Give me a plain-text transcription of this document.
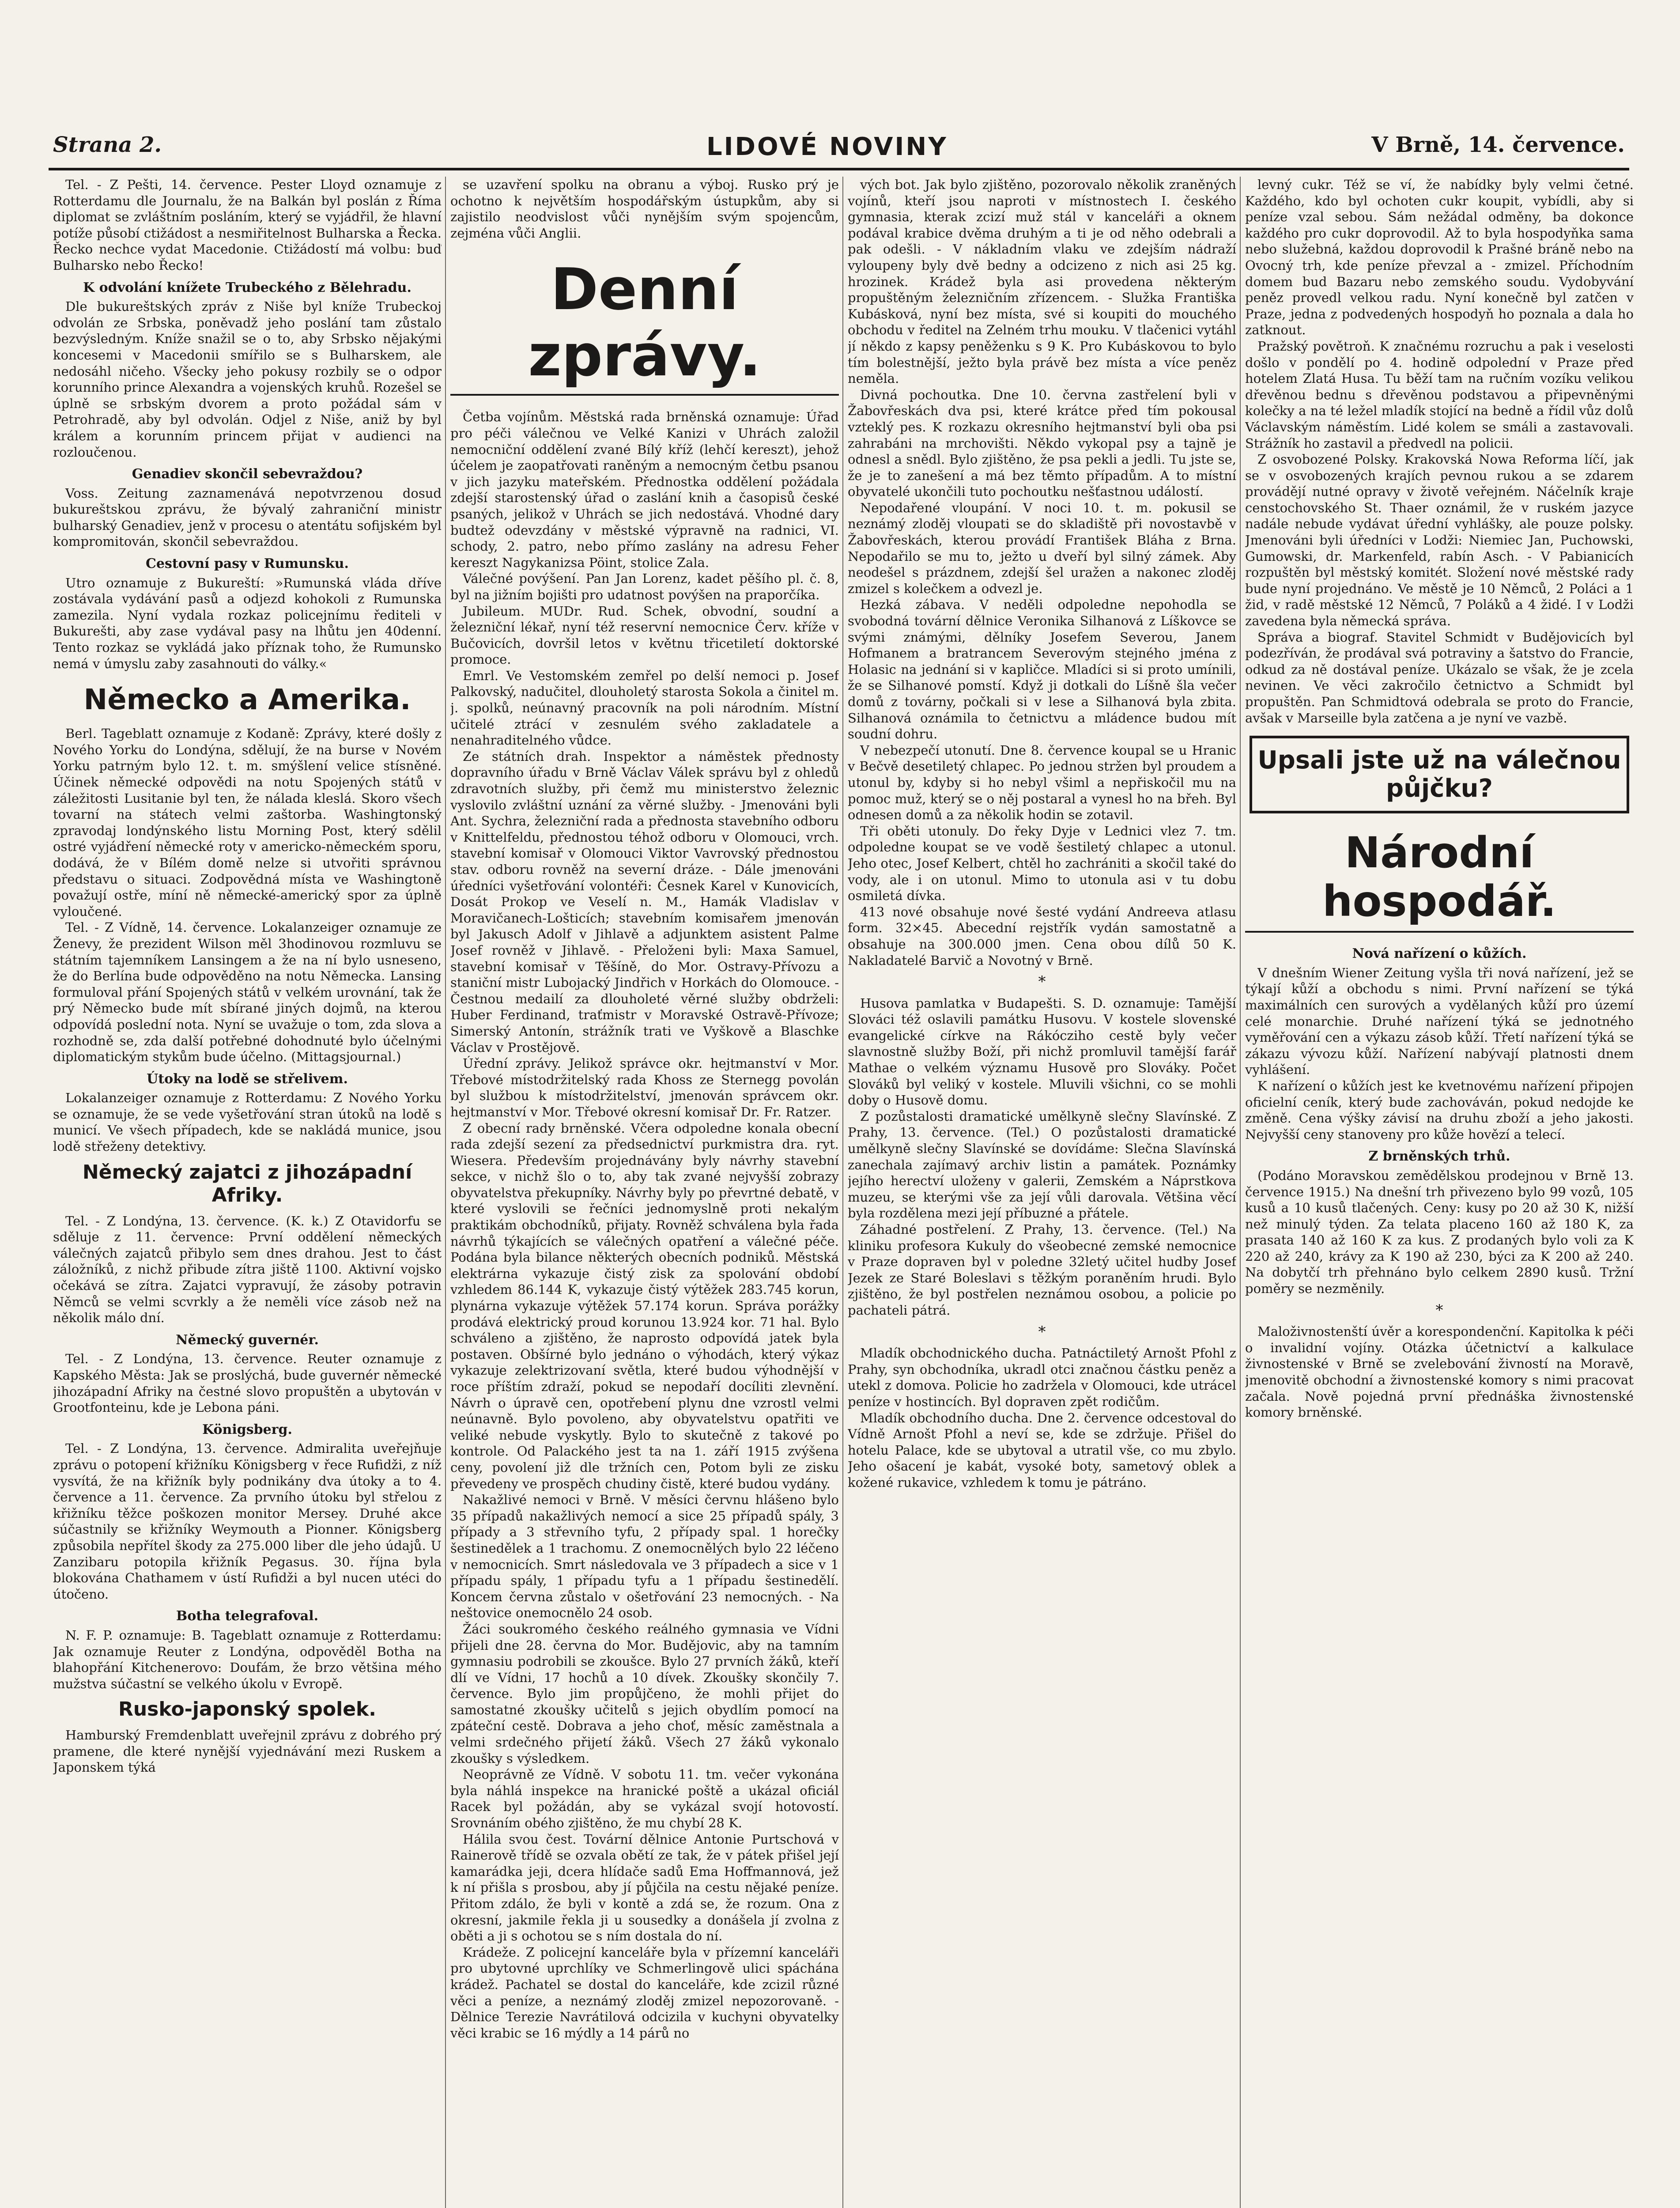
Strana 2.	LIDOVÉ NOVINY	V Brně, 14. července.

Tel. - Z Pešti, 14. července. Pester Lloyd oznamuje z Rotterdamu dle Journalu, že na Balkán byl poslán z Říma diplomat se zvláštním posláním, který se vyjádřil, že hlavní potíže působí ctižádost a nesmiřitelnost Bulharska a Řecka. Řecko nechce vydat Macedonie. Ctižádostí má volbu: buď Bulharsko nebo Řecko!

K odvolání knížete Trubeckého z Bělehradu.

Dle bukureštských zpráv z Niše byl kníže Trubeckoj odvolán ze Srbska, poněvadž jeho poslání tam zůstalo bezvýsledným. Kníže snažil se o to, aby Srbsko nějakými koncesemi v Macedonii smířilo se s Bulharskem, ale nedosáhl ničeho. Všecky jeho pokusy rozbily se o odpor korunního prince Alexandra a vojenských kruhů. Rozešel se úplně se srbským dvorem a proto požádal sám v Petrohradě, aby byl odvolán. Odjel z Niše, aniž by byl králem a korunním princem přijat v audienci na rozloučenou.

Genadiev skončil sebevraždou?

Voss. Zeitung zaznamenává nepotvrzenou dosud bukureštskou zprávu, že bývalý zahraniční ministr bulharský Genadiev, jenž v procesu o atentátu sofijském byl kompromitován, skončil sebevraždou.

Cestovní pasy v Rumunsku.

Utro oznamuje z Bukureští: »Rumunská vláda dříve zostávala vydávání pasů a odjezd kohokoli z Rumunska zamezila. Nyní vydala rozkaz policejnímu řediteli v Bukurešti, aby zase vydával pasy na lhůtu jen 40denní. Tento rozkaz se vykládá jako příznak toho, že Rumunsko nemá v úmyslu zaby zasahnouti do války.«

Německo a Amerika.

Berl. Tageblatt oznamuje z Kodaně: Zprávy, které došly z Nového Yorku do Londýna, sdělují, že na burse v Novém Yorku patrným bylo 12. t. m. smýšlení velice stísněné. Účinek německé odpovědi na notu Spojených států v záležitosti Lusitanie byl ten, že nálada kleslá. Skoro všech tovarní na státech velmi zaštorba. Washingtonský zpravodaj londýnského listu Morning Post, který sdělil ostré vyjádření německé roty v americko-německém sporu, dodává, že v Bílém domě nelze si utvořiti správnou představu o situaci. Zodpovědná místa ve Washingtoně považují ostře, míní ně německé-americký spor za úplně vyloučené.

Tel. - Z Vídně, 14. července. Lokalanzeiger oznamuje ze Ženevy, že prezident Wilson měl 3hodinovou rozmluvu se státním tajemníkem Lansingem a že na ní bylo usneseno, že do Berlína bude odpověděno na notu Německa. Lansing formuloval přání Spojených států v velkém urovnání, tak že prý Německo bude mít sbírané jiných dojmů, na kterou odpovídá poslední nota. Nyní se uvažuje o tom, zda slova a rozhodně se, zda další potřebné dohodnuté bylo účelnými diplomatickým stykům bude účelno. (Mittagsjournal.)

Útoky na lodě se střelivem.

Lokalanzeiger oznamuje z Rotterdamu: Z Nového Yorku se oznamuje, že se vede vyšetřování stran útoků na lodě s municí. Ve všech případech, kde se nakládá munice, jsou lodě střeženy detektivy.

Německý zajatci z jihozápadní Afriky.

Tel. - Z Londýna, 13. července. (K. k.) Z Otavidorfu se sděluje z 11. července: První oddělení německých válečných zajatců přibylo sem dnes drahou. Jest to část záložníků, z nichž přibude zítra jiště 1100. Aktivní vojsko očekává se zítra. Zajatci vypravují, že zásoby potravin Němců se velmi scvrkly a že neměli více zásob než na několik málo dní.

Německý guvernér.

Tel. - Z Londýna, 13. července. Reuter oznamuje z Kapského Města: Jak se proslýchá, bude guvernér německé jihozápadní Afriky na čestné slovo propuštěn a ubytován v Grootfonteinu, kde je Lebona páni.

Königsberg.

Tel. - Z Londýna, 13. července. Admiralita uveřejňuje zprávu o potopení křižníku Königsberg v řece Rufidži, z níž vysvítá, že na křižník byly podnikány dva útoky a to 4. července a 11. července. Za prvního útoku byl střelou z křižníku těžce poškozen monitor Mersey. Druhé akce súčastnily se křižníky Weymouth a Pionner. Königsberg způsobila nepřítel škody za 275.000 liber dle jeho údajů. U Zanzibaru potopila křižník Pegasus. 30. října byla blokována Chathamem v ústí Rufidži a byl nucen utéci do útočeno.

Botha telegrafoval.

N. F. P. oznamuje: B. Tageblatt oznamuje z Rotterdamu: Jak oznamuje Reuter z Londýna, odpověděl Botha na blahopřání Kitchenerovo: Doufám, že brzo většina mého mužstva súčastní se velkého úkolu v Evropě.

Rusko-japonský spolek.

Hamburský Fremdenblatt uveřejnil zprávu z dobrého prý pramene, dle které nynější vyjednávání mezi Ruskem a Japonskem týká

se uzavření spolku na obranu a výboj. Rusko prý je ochotno k největším hospodářským ústupkům, aby si zajistilo neodvislost vůči nynějším svým spojencům, zejména vůči Anglii.

Denní zprávy.

Četba vojínům. Městská rada brněnská oznamuje: Úřad pro péči válečnou ve Velké Kanizi v Uhrách založil nemocniční oddělení zvané Bílý kříž (lehčí kereszt), jehož účelem je zaopatřovati raněným a nemocným četbu psanou v jich jazyku mateřském. Přednostka oddělení požádala zdejší starostenský úřad o zaslání knih a časopisů české psaných, jelikož v Uhrách se jich nedostává. Vhodné dary budtež odevzdány v městské výpravně na radnici, VI. schody, 2. patro, nebo přímo zaslány na adresu Feher kereszt Nagykanizsa Pöint, stolice Zala.

Válečné povýšení. Pan Jan Lorenz, kadet pěšího pl. č. 8, byl na jižním bojišti pro udatnost povýšen na praporčíka.

Jubileum. MUDr. Rud. Schek, obvodní, soudní a železniční lékař, nyní též reservní nemocnice Červ. kříže v Bučovicích, dovršil letos v květnu třicetiletí doktorské promoce.

Emrl. Ve Vestomském zemřel po delší nemoci p. Josef Palkovský, nadučitel, dlouholetý starosta Sokola a činitel m. j. spolků, neúnavný pracovník na poli národním. Místní učitelé ztrácí v zesnulém svého zakladatele a nenahraditelného vůdce.

Ze státních drah. Inspektor a náměstek přednosty dopravního úřadu v Brně Václav Válek správu byl z ohledů zdravotních služby, při čemž mu ministerstvo železnic vyslovilo zvláštní uznání za věrné služby. - Jmenováni byli Ant. Sychra, železniční rada a přednosta stavebního odboru v Knittelfeldu, přednostou téhož odboru v Olomouci, vrch. stavební komisař v Olomouci Viktor Vavrovský přednostou stav. odboru rovněž na severní dráze. - Dále jmenováni úředníci vyšetřování volontéři: Česnek Karel v Kunovicích, Dosát Prokop ve Veselí n. M., Hamák Vladislav v Moravičanech-Lošticích; stavebním komisařem jmenován byl Jakusch Adolf v Jihlavě a adjunktem asistent Palme Josef rovněž v Jihlavě. - Přeloženi byli: Maxa Samuel, stavební komisař v Těšíně, do Mor. Ostravy-Přívozu a staniční mistr Lubojacký Jindřich v Horkách do Olomouce. - Čestnou medailí za dlouholeté věrné služby obdrželi: Huber Ferdinand, traťmistr v Moravské Ostravě-Přívoze; Simerský Antonín, strážník trati ve Vyškově a Blaschke Václav v Prostějově.

Úřední zprávy. Jelikož správce okr. hejtmanství v Mor. Třebové místodržitelský rada Khoss ze Sternegg povolán byl službou k místodržitelství, jmenován správcem okr. hejtmanství v Mor. Třebové okresní komisař Dr. Fr. Ratzer.

Z obecní rady brněnské. Včera odpoledne konala obecní rada zdejší sezení za předsednictví purkmistra dra. ryt. Wiesera. Především projednávány byly návrhy stavební sekce, v nichž šlo o to, aby tak zvané nejvyšší zobrazy obyvatelstva překupníky. Návrhy byly po převrtné debatě, v které vyslovili se řečníci jednomyslně proti nekalým praktikám obchodníků, přijaty. Rovněž schválena byla řada návrhů týkajících se válečných opatření a válečné péče. Podána byla bilance některých obecních podniků. Městská elektrárna vykazuje čistý zisk za spolování období vzhledem 86.144 K, vykazuje čistý výtěžek 283.745 korun, plynárna vykazuje výtěžek 57.174 korun. Správa porážky prodává elektrický proud korunou 13.924 kor. 71 hal. Bylo schváleno a zjištěno, že naprosto odpovídá jatek byla postaven. Obšírné bylo jednáno o výhodách, který výkaz vykazuje zelektrizovaní světla, které budou výhodnější v roce příštím zdraží, pokud se nepodaří docíliti zlevnění. Návrh o úpravě cen, opotřebení plynu dne vzrostl velmi neúnavně. Bylo povoleno, aby obyvatelstvu opatřiti ve veliké nebude vyskytly. Bylo to skutečně z takové po kontrole. Od Palackého jest ta na 1. září 1915 zvýšena ceny, povolení již dle tržních cen, Potom byli ze zisku převedeny ve prospěch chudiny čistě, které budou vydány.

Nakažlivé nemoci v Brně. V měsíci červnu hlášeno bylo 35 případů nakažlivých nemocí a sice 25 případů spály, 3 případy a 3 střevního tyfu, 2 případy spal. 1 horečky šestinedělek a 1 trachomu. Z onemocnělých bylo 22 léčeno v nemocnicích. Smrt následovala ve 3 případech a sice v 1 případu spály, 1 případu tyfu a 1 případu šestinedělí. Koncem června zůstalo v ošetřování 23 nemocných. - Na neštovice onemocnělo 24 osob.

Žáci soukromého českého reálného gymnasia ve Vídni přijeli dne 28. června do Mor. Budějovic, aby na tamním gymnasiu podrobili se zkoušce. Bylo 27 prvních žáků, kteří dlí ve Vídni, 17 hochů a 10 dívek. Zkoušky skončily 7. července. Bylo jim propůjčeno, že mohli přijet do samostatné zkoušky učitelů s jejich obydlím pomocí na zpáteční cestě. Dobrava a jeho choť, měsíc zaměstnala a velmi srdečného přijetí žáků. Všech 27 žáků vykonalo zkoušky s výsledkem.

Neoprávně ze Vídně. V sobotu 11. tm. večer vykonána byla náhlá inspekce na hranické poště a ukázal oficiál Racek byl požádán, aby se vykázal svojí hotovostí. Srovnáním obého zjištěno, že mu chybí 28 K.

Hálila svou čest. Tovární dělnice Antonie Purtschová v Rainerově třídě se ozvala obětí ze tak, že v pátek přišel její kamarádka jeji, dcera hlídače sadů Ema Hoffmannová, jež k ní přišla s prosbou, aby jí půjčila na cestu nějaké peníze. Přitom zdálo, že byli v kontě a zdá se, že rozum. Ona z okresní, jakmile řekla ji u sousedky a donášela jí zvolna z oběti a ji s ochotou se s ním dostala do ní.

Krádeže. Z policejní kanceláře byla v přízemní kanceláři pro ubytovné uprchlíky ve Schmerlingově ulici spáchána krádež. Pachatel se dostal do kanceláře, kde zcizil různé věci a peníze, a neznámý zloděj zmizel nepozorovaně. - Dělnice Terezie Navrátilová odcizila v kuchyni obyvatelky věci krabic se 16 mýdly a 14 párů no

vých bot. Jak bylo zjištěno, pozorovalo několik zraněných vojínů, kteří jsou naproti v místnostech I. českého gymnasia, kterak zcizí muž stál v kanceláři a oknem podával krabice dvěma druhým a ti je od něho odebrali a pak odešli. - V nákladním vlaku ve zdejším nádraží vyloupeny byly dvě bedny a odcizeno z nich asi 25 kg. hrozinek. Krádež byla asi provedena některým propuštěným železničním zřízencem. - Služka Františka Kubásková, nyní bez místa, své si koupiti do mouchého obchodu v ředitel na Zelném trhu mouku. V tlačenici vytáhl jí někdo z kapsy peněženku s 9 K. Pro Kubáskovou to bylo tím bolestnější, ježto byla právě bez místa a více peněz neměla.

Divná pochoutka. Dne 10. června zastřelení byli v Žabovřeskách dva psi, které krátce před tím pokousal vzteklý pes. K rozkazu okresního hejtmanství byli oba psi zahrabáni na mrchovišti. Někdo vykopal psy a tajně je odnesl a snědl. Bylo zjištěno, že psa pekli a jedli. Tu jste se, že je to zanešení a má bez těmto případům. A to místní obyvatelé ukončili tuto pochoutku nešťastnou událostí.

Nepodařené vloupání. V noci 10. t. m. pokusil se neznámý zloděj vloupati se do skladiště při novostavbě v Žabovřeskách, kterou provádí František Bláha z Brna. Nepodařilo se mu to, ježto u dveří byl silný zámek. Aby neodešel s prázdnem, zdejší šel uražen a nakonec zloděj zmizel s kolečkem a odvezl je.

Hezká zábava. V neděli odpoledne nepohodla se svobodná tovární dělnice Veronika Silhanová z Líškovce se svými známými, dělníky Josefem Severou, Janem Hofmanem a bratrancem Severovým stejného jména z Holasic na jednání si v kapličce. Mladíci si si proto umínili, že se Silhanové pomstí. Když ji dotkali do Líšně šla večer domů z továrny, počkali si v lese a Silhanová byla zbita. Silhanová oznámila to četnictvu a mládence budou mít soudní dohru.

V nebezpečí utonutí. Dne 8. července koupal se u Hranic v Bečvě desetiletý chlapec. Po jednou stržen byl proudem a utonul by, kdyby si ho nebyl všiml a nepřiskočil mu na pomoc muž, který se o něj postaral a vynesl ho na břeh. Byl odnesen domů a za několik hodin se zotavil.

Tři oběti utonuly. Do řeky Dyje v Lednici vlez 7. tm. odpoledne koupat se ve vodě šestiletý chlapec a utonul. Jeho otec, Josef Kelbert, chtěl ho zachrániti a skočil také do vody, ale i on utonul. Mimo to utonula asi v tu dobu osmiletá dívka.

413 nové obsahuje nové šesté vydání Andreeva atlasu form. 32×45. Abecední rejstřík vydán samostatně a obsahuje na 300.000 jmen. Cena obou dílů 50 K. Nakladatelé Barvič a Novotný v Brně.

*

Husova pamlatka v Budapešti. S. D. oznamuje: Tamější Slováci též oslavili památku Husovu. V kostele slovenské evangelické církve na Rákócziho cestě byly večer slavnostně služby Boží, při nichž promluvil tamější farář Mathae o velkém významu Husově pro Slováky. Počet Slováků byl veliký v kostele. Mluvili všichni, co se mohli doby o Husově domu.

Z pozůstalosti dramatické umělkyně slečny Slavínské. Z Prahy, 13. července. (Tel.) O pozůstalosti dramatické umělkyně slečny Slavínské se dovídáme: Slečna Slavínská zanechala zajímavý archiv listin a památek. Poznámky jejího herectví uloženy v galerii, Zemském a Náprstkova muzeu, se kterými vše za její vůli darovala. Většina věcí byla rozdělena mezi její příbuzné a přátele.

Záhadné postřelení. Z Prahy, 13. července. (Tel.) Na kliniku profesora Kukuly do všeobecné zemské nemocnice v Praze dopraven byl v poledne 32letý učitel hudby Josef Jezek ze Staré Boleslavi s těžkým poraněním hrudi. Bylo zjištěno, že byl postřelen neznámou osobou, a policie po pachateli pátrá.

*

Mladík obchodnického ducha. Patnáctiletý Arnošt Pfohl z Prahy, syn obchodníka, ukradl otci značnou částku peněz a utekl z domova. Policie ho zadržela v Olomouci, kde utrácel peníze v hostincích. Byl dopraven zpět rodičům.

Mladík obchodního ducha. Dne 2. července odcestoval do Vídně Arnošt Pfohl a neví se, kde se zdržuje. Přišel do hotelu Palace, kde se ubytoval a utratil vše, co mu zbylo. Jeho ošacení je kabát, vysoké boty, sametový oblek a kožené rukavice, vzhledem k tomu je pátráno.

levný cukr. Též se ví, že nabídky byly velmi četné. Každého, kdo byl ochoten cukr koupit, vybídli, aby si peníze vzal sebou. Sám nežádal odměny, ba dokonce každého pro cukr doprovodil. Až to byla hospodyňka sama nebo služebná, každou doprovodil k Prašné bráně nebo na Ovocný trh, kde peníze převzal a - zmizel. Příchodním domem bud Bazaru nebo zemského soudu. Vydobyvání peněz provedl velkou radu. Nyní konečně byl zatčen v Praze, jedna z podvedených hospodyň ho poznala a dala ho zatknout.

Pražský povětroň. K značnému rozruchu a pak i veselosti došlo v pondělí po 4. hodině odpolední v Praze před hotelem Zlatá Husa. Tu běží tam na ručním vozíku velikou dřevěnou bednu s dřevěnou podstavou a připevněnými kolečky a na té ležel mladík stojící na bedně a řídil vůz dolů Václavským náměstím. Lidé kolem se smáli a zastavovali. Strážník ho zastavil a předvedl na policii.

Z osvobozené Polsky. Krakovská Nowa Reforma líčí, jak se v osvobozených krajích pevnou rukou a se zdarem provádějí nutné opravy v životě veřejném. Náčelník kraje censtochovského St. Thaer oznámil, že v ruském jazyce nadále nebude vydávat úřední vyhlášky, ale pouze polsky. Jmenováni byli úředníci v Lodži: Niemiec Jan, Puchowski, Gumowski, dr. Markenfeld, rabín Asch. - V Pabianicích rozpuštěn byl městský komitét. Složení nové městské rady bude nyní projednáno. Ve městě je 10 Němců, 2 Poláci a 1 žid, v radě městské 12 Němců, 7 Poláků a 4 židé. I v Lodži zavedena byla německá správa.

Správa a biograf. Stavitel Schmidt v Budějovicích byl podezříván, že prodával svá potraviny a šatstvo do Francie, odkud za ně dostával peníze. Ukázalo se však, že je zcela nevinen. Ve věci zakročilo četnictvo a Schmidt byl propuštěn. Pan Schmidtová odebrala se proto do Francie, avšak v Marseille byla zatčena a je nyní ve vazbě.

Upsali jste už na válečnou půjčku?
Národní hospodář.
Nová nařízení o kůžích.

V dnešním Wiener Zeitung vyšla tři nová nařízení, jež se týkají kůží a obchodu s nimi. První nařízení se týká maximálních cen surových a vydělaných kůží pro území celé monarchie. Druhé nařízení týká se jednotného vyměřování cen a výkazu zásob kůží. Třetí nařízení týká se zákazu vývozu kůží. Nařízení nabývají platnosti dnem vyhlášení.

K nařízení o kůžích jest ke kvetnovému nařízení připojen oficielní ceník, který bude zachováván, pokud nedojde ke změně. Cena výšky závisí na druhu zboží a jeho jakosti. Nejvyšší ceny stanoveny pro kůže hovězí a telecí.

Z brněnských trhů.

(Podáno Moravskou zemědělskou prodejnou v Brně 13. července 1915.) Na dnešní trh přivezeno bylo 99 vozů, 105 kusů a 10 kusů tlačených. Ceny: kusy po 20 až 30 K, nižší než minulý týden. Za telata placeno 160 až 180 K, za prasata 140 až 160 K za kus. Z prodaných bylo voli za K 220 až 240, krávy za K 190 až 230, býci za K 200 až 240. Na dobytčí trh přehnáno bylo celkem 2890 kusů. Tržní poměry se nezměnily.

*

Maloživnostenští úvěr a korespondenční. Kapitolka k péči o invalidní vojíny. Otázka účetnictví a kalkulace živnostenské v Brně se zvelebování živností na Moravě, jmenovitě obchodní a živnostenské komory s nimi pracovat začala. Nově pojedná první přednáška živnostenské komory brněnské.
